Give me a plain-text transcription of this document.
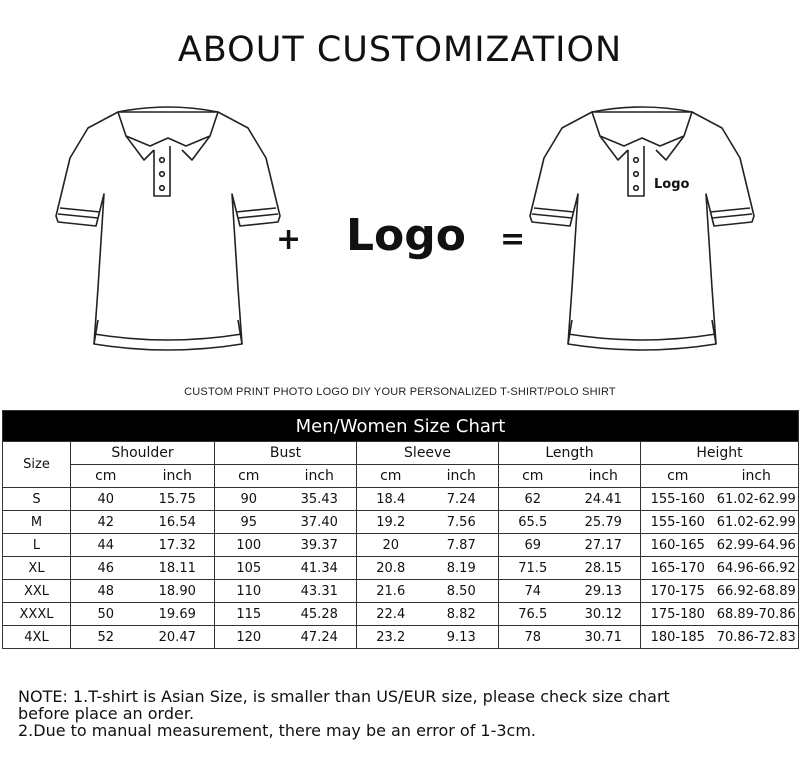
ABOUT CUSTOMIZATION
+ Logo =
Logo
CUSTOM PRINT PHOTO LOGO DIY YOUR PERSONALIZED T-SHIRT/POLO SHIRT
Men/Women Size Chart										
Size	Shoulder		Bust		Sleeve		Length		Height	
	cm	inch	cm	inch	cm	inch	cm	inch	cm	inch
S	40	15.75	90	35.43	18.4	7.24	62	24.41	155-160	61.02-62.99
M	42	16.54	95	37.40	19.2	7.56	65.5	25.79	155-160	61.02-62.99
L	44	17.32	100	39.37	20	7.87	69	27.17	160-165	62.99-64.96
XL	46	18.11	105	41.34	20.8	8.19	71.5	28.15	165-170	64.96-66.92
XXL	48	18.90	110	43.31	21.6	8.50	74	29.13	170-175	66.92-68.89
XXXL	50	19.69	115	45.28	22.4	8.82	76.5	30.12	175-180	68.89-70.86
4XL	52	20.47	120	47.24	23.2	9.13	78	30.71	180-185	70.86-72.83
NOTE: 1.T-shirt is Asian Size, is smaller than US/EUR size, please check size chart
before place an order.
2.Due to manual measurement, there may be an error of 1-3cm.
